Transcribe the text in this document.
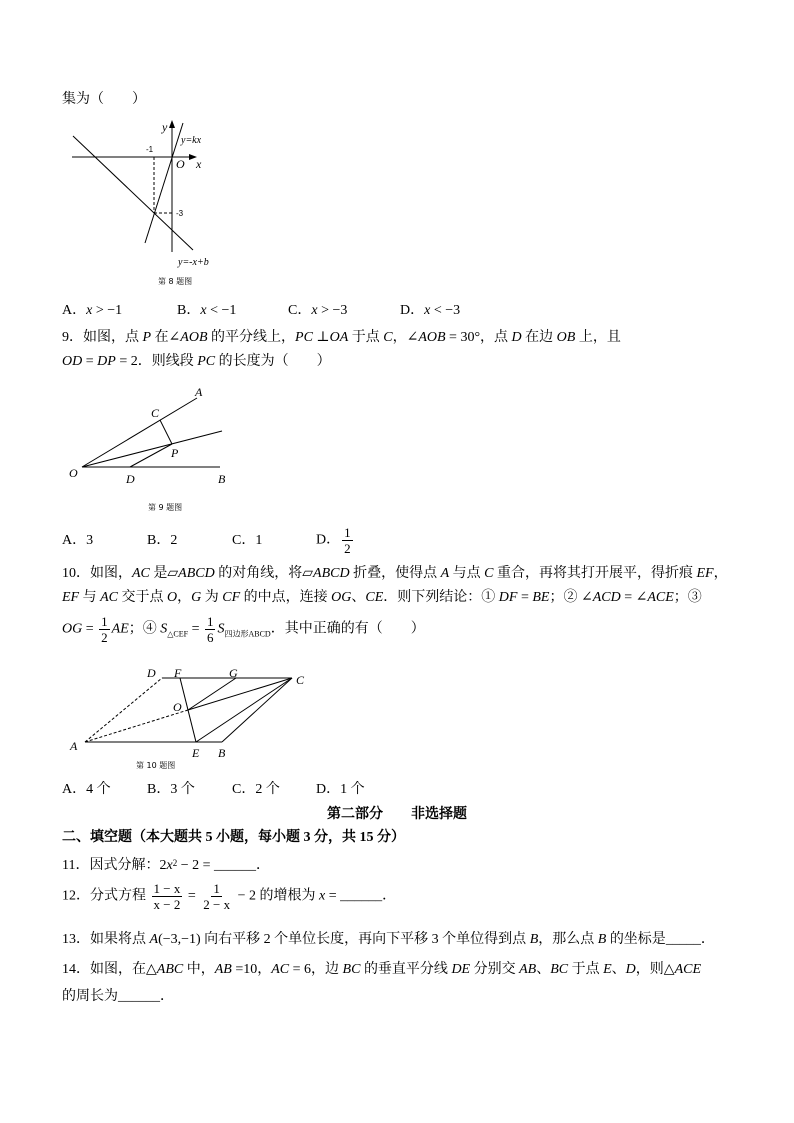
集为（　　）
y
y=kx
-1
O x
-3
y=-x+b
第 8 题图
A．x > −1	B．x < −1	C．x > −3	D．x < −3
9．如图，点 P 在∠AOB 的平分线上，PC ⊥OA 于点 C，∠AOB = 30°，点 D 在边 OB 上，且
OD = DP = 2．则线段 PC 的长度为（　　）
A
C
P
O	D	B
第 9 题图
A．3	B．2	C．1	D． $\frac{1}{2}$
10．如图，AC 是▱ABCD 的对角线，将▱ABCD 折叠，使得点 A 与点 C 重合，再将其打开展平，得折痕 EF，
EF 与 AC 交于点 O，G 为 CF 的中点，连接 OG、CE．则下列结论：① DF = BE；② ∠ACD = ∠ACE；③
OG = $\frac{1}{2}$ AE；④ $S_{\triangle CEF} = \frac{1}{6} S_{四边形ABCD}$．其中正确的有（　　）
D F	G	C
O
A	E B
第 10 题图
A．4 个	B．3 个	C．2 个	D．1 个
第二部分　　非选择题
二、填空题（本大题共 5 小题，每小题 3 分，共 15 分）
11．因式分解：$2x^2 - 2$ = ______．
12．分式方程 $\frac{1 - x}{x - 2} = \frac{1}{2 - x} - 2$ 的增根为 x = ______．
13．如果将点 A(−3,−1) 向右平移 2 个单位长度，再向下平移 3 个单位得到点 B，那么点 B 的坐标是_____．
14．如图，在△ABC 中，AB =10，AC = 6，边 BC 的垂直平分线 DE 分别交 AB、BC 于点 E、D，则△ACE
的周长为______．
